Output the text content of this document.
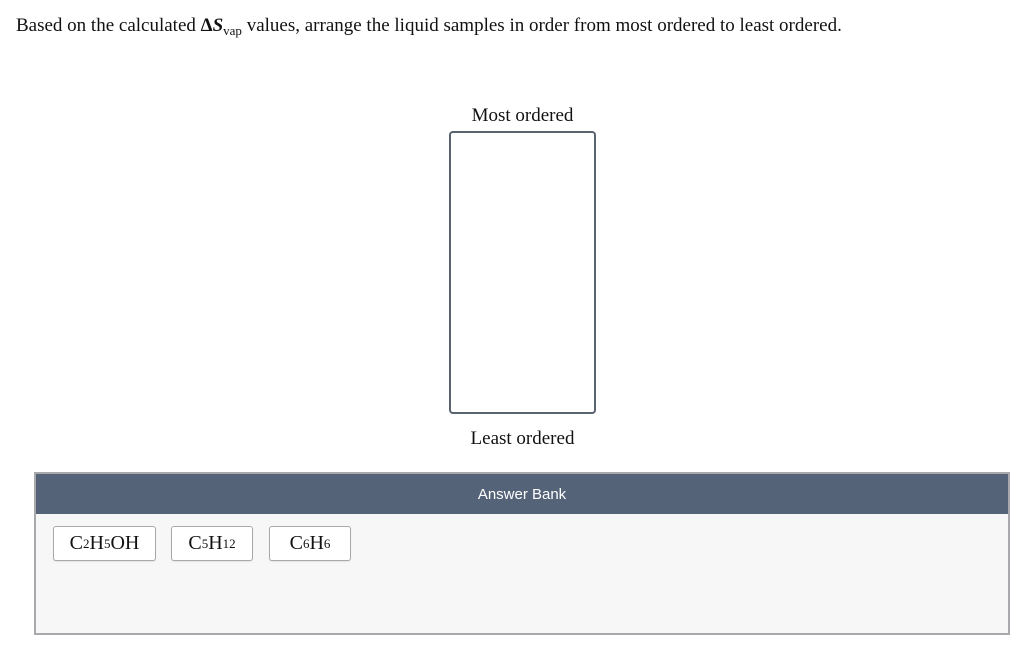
Based on the calculated $\Delta S_{vap}$ values, arrange the liquid samples in order from most ordered to least ordered.
Most ordered
Least ordered
Answer Bank
C 2 H 5 OH C 5 H 12	C 6 H 6
